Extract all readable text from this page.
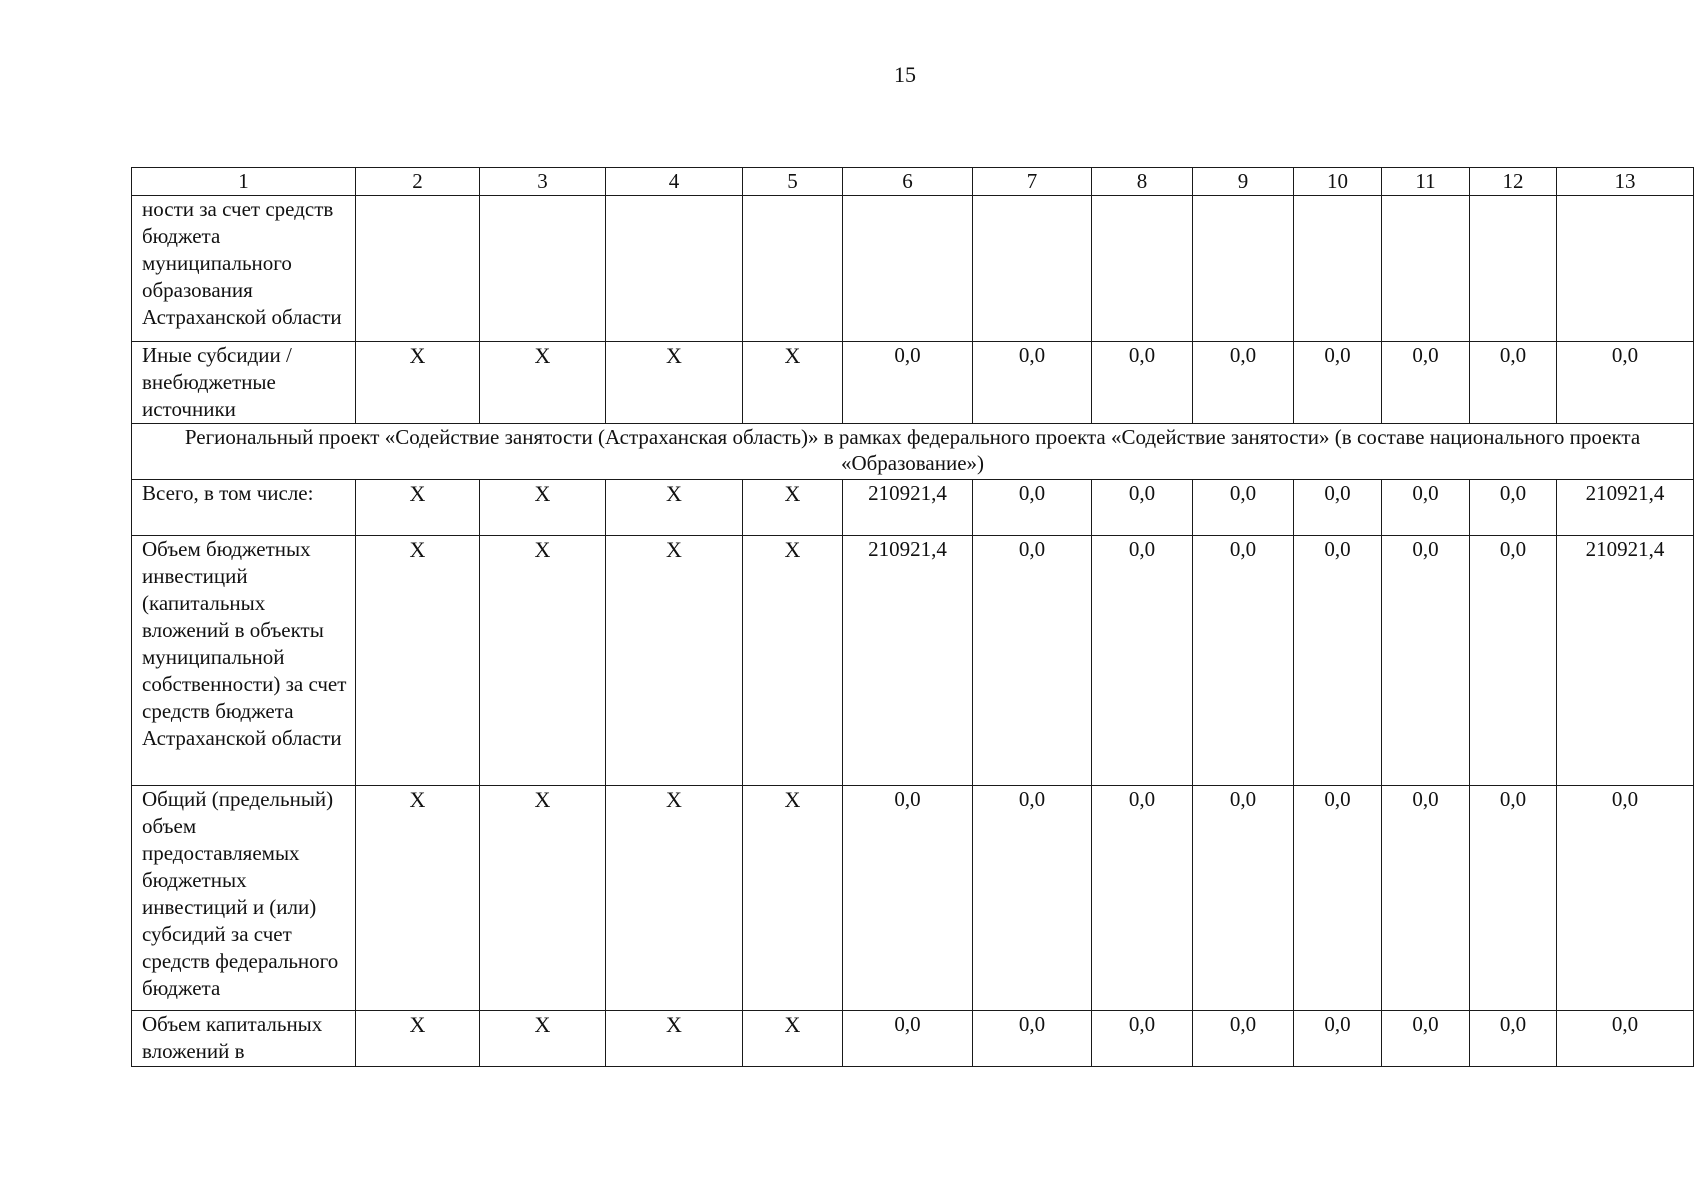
15
1	2	3	4	5	6	7	8	9	10	11	12	13
ности за счет средств бюджета муниципального образования Астраханской области												
Иные субсидии / внебюджетные источники	Х	Х	Х	Х	0,0	0,0	0,0	0,0	0,0	0,0	0,0	0,0
Региональный проект «Содействие занятости (Астраханская область)» в рамках федерального проекта «Содействие занятости» (в составе национального проекта «Образование»)												
Всего, в том числе:	Х	Х	Х	Х	210921,4	0,0	0,0	0,0	0,0	0,0	0,0	210921,4
Объем бюджетных инвестиций (капитальных вложений в объекты муниципальной собственности) за счет средств бюджета Астраханской области	Х	Х	Х	Х	210921,4	0,0	0,0	0,0	0,0	0,0	0,0	210921,4
Общий (предельный) объем предоставляемых бюджетных инвестиций и (или) субсидий за счет средств федерального бюджета	Х	Х	Х	Х	0,0	0,0	0,0	0,0	0,0	0,0	0,0	0,0
Объем капитальных вложений в	Х	Х	Х	Х	0,0	0,0	0,0	0,0	0,0	0,0	0,0	0,0
